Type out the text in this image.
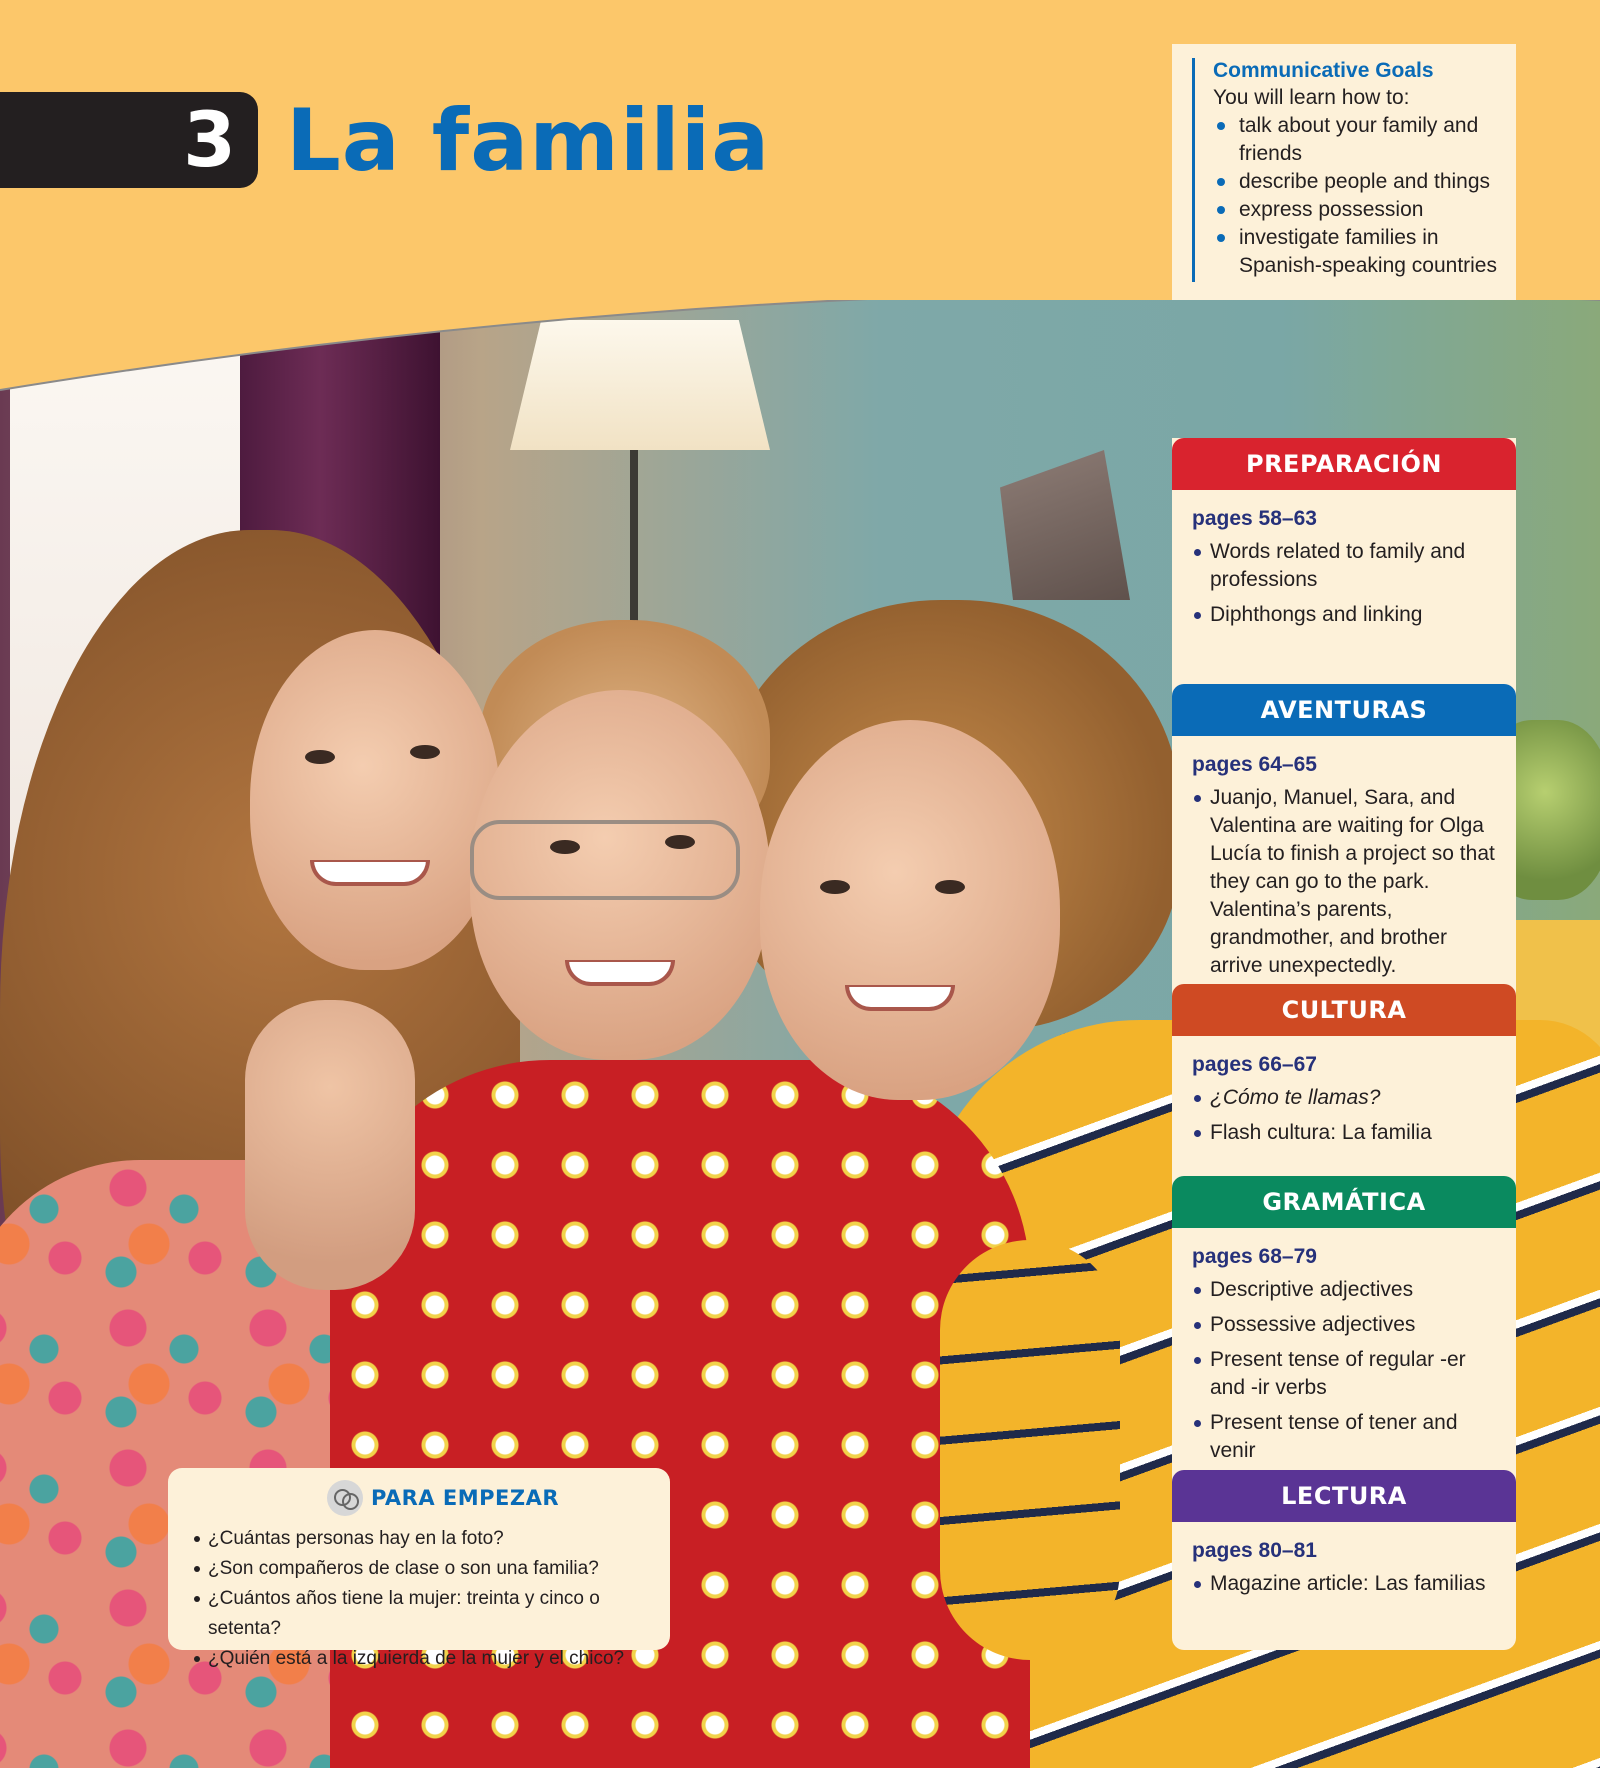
3 La familia
Communicative Goals
You will learn how to:
talk about your family and friends
describe people and things
express possession
investigate families in Spanish-speaking countries
PREPARACIÓN
pages 58–63
Words related to family and professions
Diphthongs and linking
AVENTURAS
pages 64–65
Juanjo, Manuel, Sara, and Valentina are waiting for Olga Lucía to finish a project so that they can go to the park. Valentina’s parents, grandmother, and brother arrive unexpectedly.
CULTURA
pages 66–67
¿Cómo te llamas?
Flash cultura: La familia
GRAMÁTICA
pages 68–79
Descriptive adjectives
Possessive adjectives
Present tense of regular -er and -ir verbs
Present tense of tener and venir
LECTURA
pages 80–81
Magazine article: Las familias
PARA EMPEZAR
¿Cuántas personas hay en la foto?
¿Son compañeros de clase o son una familia?
¿Cuántos años tiene la mujer: treinta y cinco o setenta?
¿Quién está a la izquierda de la mujer y el chico?
